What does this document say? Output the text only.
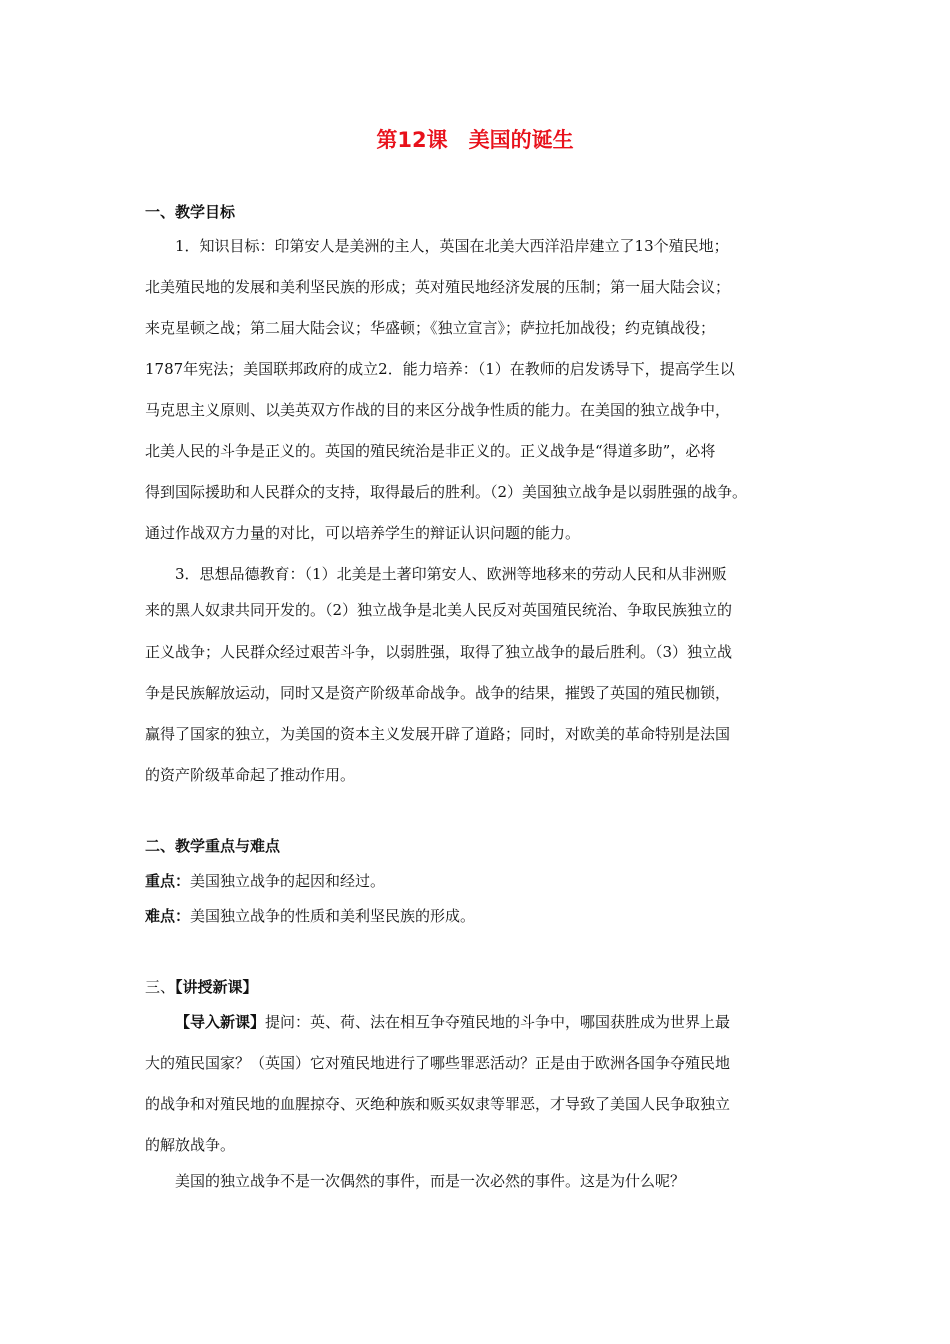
第12课　美国的诞生
一、教学目标
1．知识目标：印第安人是美洲的主人，英国在北美大西洋沿岸建立了13个殖民地；
北美殖民地的发展和美利坚民族的形成；英对殖民地经济发展的压制；第一届大陆会议；
来克星顿之战；第二届大陆会议；华盛顿；《独立宣言》；萨拉托加战役；约克镇战役；
1787年宪法；美国联邦政府的成立2．能力培养：（1）在教师的启发诱导下，提高学生以
马克思主义原则、以美英双方作战的目的来区分战争性质的能力。在美国的独立战争中，
北美人民的斗争是正义的。英国的殖民统治是非正义的。正义战争是“得道多助”，必将
得到国际援助和人民群众的支持，取得最后的胜利。（2）美国独立战争是以弱胜强的战争。
通过作战双方力量的对比，可以培养学生的辩证认识问题的能力。
3．思想品德教育：（1）北美是土著印第安人、欧洲等地移来的劳动人民和从非洲贩
来的黑人奴隶共同开发的。（2）独立战争是北美人民反对英国殖民统治、争取民族独立的
正义战争；人民群众经过艰苦斗争，以弱胜强，取得了独立战争的最后胜利。（3）独立战
争是民族解放运动，同时又是资产阶级革命战争。战争的结果，摧毁了英国的殖民枷锁，
赢得了国家的独立，为美国的资本主义发展开辟了道路；同时，对欧美的革命特别是法国
的资产阶级革命起了推动作用。
二、教学重点与难点
重点：美国独立战争的起因和经过。
难点：美国独立战争的性质和美利坚民族的形成。
三、【讲授新课】
【导入新课】提问：英、荷、法在相互争夺殖民地的斗争中，哪国获胜成为世界上最
大的殖民国家？（英国）它对殖民地进行了哪些罪恶活动？正是由于欧洲各国争夺殖民地
的战争和对殖民地的血腥掠夺、灭绝种族和贩买奴隶等罪恶，才导致了美国人民争取独立
的解放战争。
美国的独立战争不是一次偶然的事件，而是一次必然的事件。这是为什么呢？
